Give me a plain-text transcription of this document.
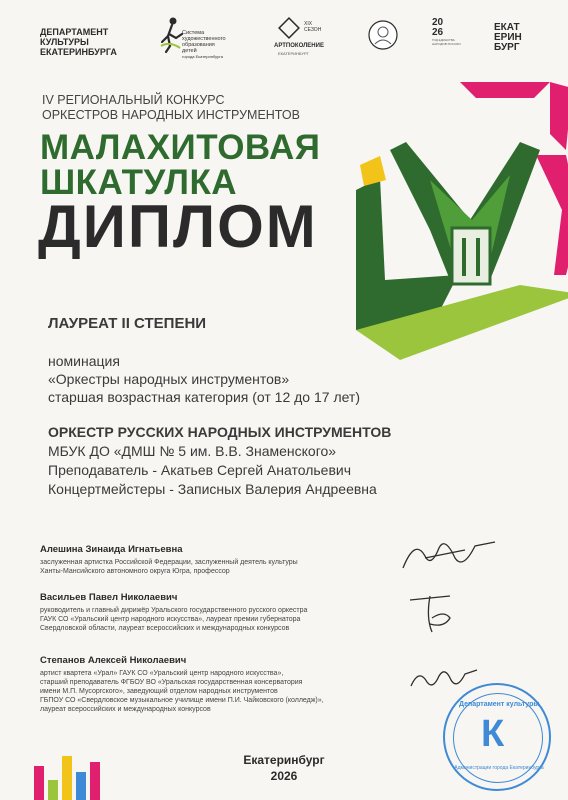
ДЕПАРТАМЕНТ
КУЛЬТУРЫ
ЕКАТЕРИНБУРГА
Система
художественного
образования детей
города Екатеринбурга
XIX
СЕЗОН
АРТПОКОЛЕНИЕ
ЕКАТЕРИНБУРГ
20
26
ГОД ЕДИНСТВА НАРОДОВ РОССИИ
ЕКАТ
ЕРИН
БУРГ
IV РЕГИОНАЛЬНЫЙ КОНКУРС
ОРКЕСТРОВ НАРОДНЫХ ИНСТРУМЕНТОВ
МАЛАХИТОВАЯ
ШКАТУЛКА
ДИПЛОМ
ЛАУРЕАТ II СТЕПЕНИ
номинация
«Оркестры народных инструментов»
старшая возрастная категория (от 12 до 17 лет)
ОРКЕСТР РУССКИХ НАРОДНЫХ ИНСТРУМЕНТОВ
МБУК ДО «ДМШ № 5 им. В.В. Знаменского»
Преподаватель - Акатьев Сергей Анатольевич
Концертмейстеры - Записных Валерия Андреевна
Алешина Зинаида Игнатьевна
заслуженная артистка Российской Федерации, заслуженный деятель культуры
Ханты-Мансийского автономного округа Югра, профессор
Васильев Павел Николаевич
руководитель и главный дирижёр Уральского государственного русского оркестра
ГАУК СО «Уральский центр народного искусства», лауреат премии губернатора
Свердловской области, лауреат всероссийских и международных конкурсов
Степанов Алексей Николаевич
артист квартета «Урал» ГАУК СО «Уральский центр народного искусства»,
старший преподаватель ФГБОУ ВО «Уральская государственная консерватория
имени М.П. Мусоргского», заведующий отделом народных инструментов
ГБПОУ СО «Свердловское музыкальное училище имени П.И. Чайковского (колледж)»,
лауреат всероссийских и международных конкурсов
Департамент культуры
К
Администрации города Екатеринбурга
Екатеринбург
2026
